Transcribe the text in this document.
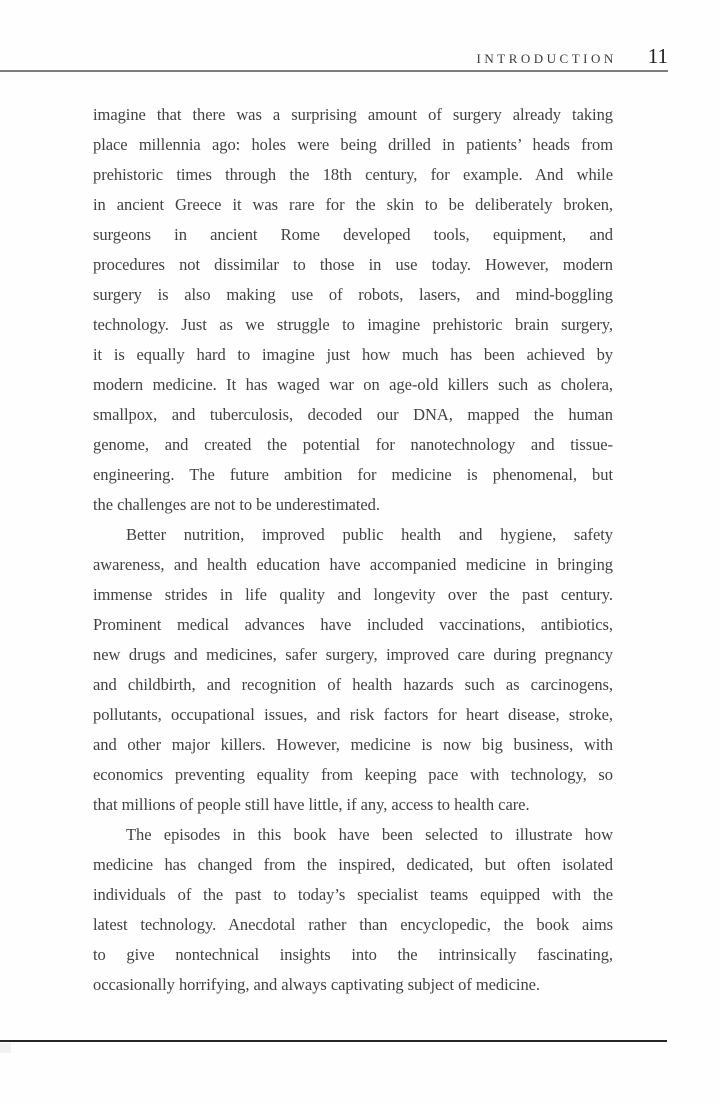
INTRODUCTION 11
imagine that there was a surprising amount of surgery already taking
place millennia ago: holes were being drilled in patients’ heads from
prehistoric times through the 18th century, for example. And while
in ancient Greece it was rare for the skin to be deliberately broken,
surgeons in ancient Rome developed tools, equipment, and
procedures not dissimilar to those in use today. However, modern
surgery is also making use of robots, lasers, and mind-boggling
technology. Just as we struggle to imagine prehistoric brain surgery,
it is equally hard to imagine just how much has been achieved by
modern medicine. It has waged war on age-old killers such as cholera,
smallpox, and tuberculosis, decoded our DNA, mapped the human
genome, and created the potential for nanotechnology and tissue-
engineering. The future ambition for medicine is phenomenal, but
the challenges are not to be underestimated.
Better nutrition, improved public health and hygiene, safety
awareness, and health education have accompanied medicine in bringing
immense strides in life quality and longevity over the past century.
Prominent medical advances have included vaccinations, antibiotics,
new drugs and medicines, safer surgery, improved care during pregnancy
and childbirth, and recognition of health hazards such as carcinogens,
pollutants, occupational issues, and risk factors for heart disease, stroke,
and other major killers. However, medicine is now big business, with
economics preventing equality from keeping pace with technology, so
that millions of people still have little, if any, access to health care.
The episodes in this book have been selected to illustrate how
medicine has changed from the inspired, dedicated, but often isolated
individuals of the past to today’s specialist teams equipped with the
latest technology. Anecdotal rather than encyclopedic, the book aims
to give nontechnical insights into the intrinsically fascinating,
occasionally horrifying, and always captivating subject of medicine.
